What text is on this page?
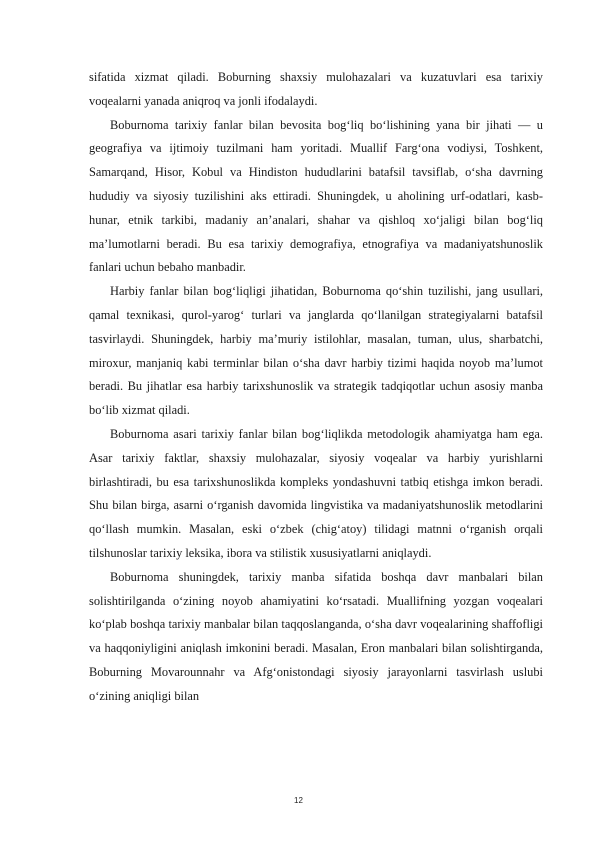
sifatida xizmat qiladi. Boburning shaxsiy mulohazalari va kuzatuvlari esa tarixiy voqealarni yanada aniqroq va jonli ifodalaydi.

Boburnoma tarixiy fanlar bilan bevosita bog‘liq bo‘lishining yana bir jihati — u geografiya va ijtimoiy tuzilmani ham yoritadi. Muallif Farg‘ona vodiysi, Toshkent, Samarqand, Hisor, Kobul va Hindiston hududlarini batafsil tavsiflab, o‘sha davrning hududiy va siyosiy tuzilishini aks ettiradi. Shuningdek, u aholining urf-odatlari, kasb-hunar, etnik tarkibi, madaniy an’analari, shahar va qishloq xo‘jaligi bilan bog‘liq ma’lumotlarni beradi. Bu esa tarixiy demografiya, etnografiya va madaniyatshunoslik fanlari uchun bebaho manbadir.

Harbiy fanlar bilan bog‘liqligi jihatidan, Boburnoma qo‘shin tuzilishi, jang usullari, qamal texnikasi, qurol-yarog‘ turlari va janglarda qo‘llanilgan strategiyalarni batafsil tasvirlaydi. Shuningdek, harbiy ma’muriy istilohlar, masalan, tuman, ulus, sharbatchi, miroxur, manjaniq kabi terminlar bilan o‘sha davr harbiy tizimi haqida noyob ma’lumot beradi. Bu jihatlar esa harbiy tarixshunoslik va strategik tadqiqotlar uchun asosiy manba bo‘lib xizmat qiladi.

Boburnoma asari tarixiy fanlar bilan bog‘liqlikda metodologik ahamiyatga ham ega. Asar tarixiy faktlar, shaxsiy mulohazalar, siyosiy voqealar va harbiy yurishlarni birlashtiradi, bu esa tarixshunoslikda kompleks yondashuvni tatbiq etishga imkon beradi. Shu bilan birga, asarni o‘rganish davomida lingvistika va madaniyatshunoslik metodlarini qo‘llash mumkin. Masalan, eski o‘zbek (chig‘atoy) tilidagi matnni o‘rganish orqali tilshunoslar tarixiy leksika, ibora va stilistik xususiyatlarni aniqlaydi.

Boburnoma shuningdek, tarixiy manba sifatida boshqa davr manbalari bilan solishtirilganda o‘zining noyob ahamiyatini ko‘rsatadi. Muallifning yozgan voqealari ko‘plab boshqa tarixiy manbalar bilan taqqoslanganda, o‘sha davr voqealarining shaffofligi va haqqoniyligini aniqlash imkonini beradi. Masalan, Eron manbalari bilan solishtirganda, Boburning Movarounnahr va Afg‘onistondagi siyosiy jarayonlarni tasvirlash uslubi o‘zining aniqligi bilan

12
